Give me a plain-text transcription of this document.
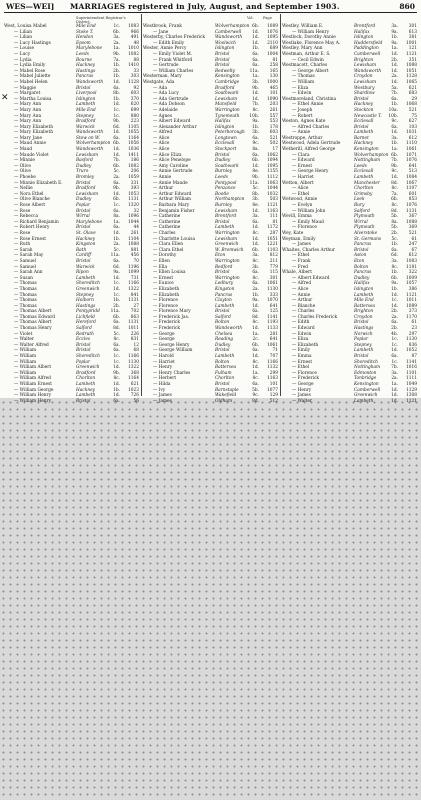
WES—WEI] MARRIAGES registered in July, August, and September 1903.	860
✕
Superintendent Registrar's District.
West, Louisa Mabel	Mile End	1c.	1083
— Lilian	Stoke T.	6b.	966
— Lilian	Hendon	3a.	491
— Lucy Hastings	Epsom	2a.	48
— Louise	Marylebone	1a.	1010
— Lucy	Leeds	9b.	1082
— Lydia	Bourne	7a.	88
— Lydia Emily	Hackney	1b.	1410
— Mabel Rose	Hastings	2b.	33
— Mabel Juliette	Pancras	1b.	303
— Mabel Helen	Wandsworth	1d.	1128
— Maggie	Bristol	6a.	92
— Margaret	Liverpool	8b.	603
— Martha Louisa	Islington	1b.	370
— Mary Ann	Lambeth	1d.	620
— Mary Ann	Mile End	1c.	699
— Mary Ann	Stepney	1c.	880
— Mary Ann	Bradford	9b.	223
— Mary Elizabeth	Warwick	6d.	1105
— Mary Elizabeth	Wandsworth	1d.	1055
— Mary Jane	Stow on W.	6a.	1164
— Maud Annie	Wolverhampton 6b.	1056
— Maud	Wandsworth	1d.	1036
— Maude Violet	Lewisham	1d.	1411
— Minnie	Basford	7b.	186
— Olive	Dudley	6b.	1082
— Olive	Truro	5c.	206
— Phoebe	Bromley	2a.	1059
— Minnie Elizabeth E.	Bristol	6a.	331
— Nellie	Bradford	9b.	393
— Nora Ethel	Lewisham	1d.	1053
— Olive Blanche	Dudley	6b.	1131
— Rose Albert	Poplar	1c.	1320
— Rose	Bristol	6a.	32
— Rebecca	Wirral	8a.	1096
— Richard Benjamin	Marylebone	1a.	1044
— Robert Henry	Bristol	6a.	44
— Rose	St. Olave	1d.	261
— Rose Ernest	Hackney	1b.	1104
— Ruth	Kingston	2a.	1088
— Sarah	Bath	5c.	881
— Sarah May	Cardiff	11a.	456
— Samuel	Bristol	6a.	70
— Samuel	Warwick	6d.	1196
— Sarah Ann	Ripon	9a.	1099
— Susan	Lambeth	1d.	731
— Thomas	Shoreditch	1c.	1166
— Thomas	Greenwich	1d.	1322
— Thomas	Stepney	1c.	841
— Thomas	Holborn	1b.	1131
— Thomas	Hastings	2b.	27
— Thomas Albert	Pontypridd	11a.	702
— Thomas Edward	Lichfield	6b.	863
— Thomas Albert	Hereford	6a.	1131
— Thomas Henry	Salford	8d.	1011
— Violet	Redruth	5c.	226
— Walter	Eccles	8c.	831
— Walter Alfred	Bristol	6a.	12
— William	Bristol	6a.	68
— William	Shoreditch	1c.	1166
— William	Poplar	1c.	1130
— William Albert	Greenwich	1d.	1322
— William	Bradford	9b.	368
— William Alfred	Chorlton	8c.	1164
— William Ernest	Lambeth	1d.	621
— William George	Hackney	1b.	1023
— William Henry	Lambeth	1d.	726
— William Henry	Bristol	6a.	56
Vol.	Page
Westbrook, Frank	Wolverhampton 6b.	1089
— Jane	Camberwell	1d.	1076
Westerby, Charles Frederick	Wandsworth	1d.	1095
— Edith Emily	Woolwich	1d.	2110
Wester, Annie Percy	Islington	1b.	689
— Emily Violet M.	Bristol	6a.	1004
— Frank Whitford	Bristol	6a.	81
— Gertrude	Bristol	6a.	258
— William Charles	Bedwelty	11a.	165
Westerman, Mary	Kensington	1a.	130
Westgate, Ada	Cambridge	3b.	1000
— Ada	Bradford	9b.	465
— Ada Lucy	Southwark	1d.	101
— Ada Gertrude	Lewisham	1d.	1090
— Ada Dobson	Mansfield	7b.	203
— Adelaide	Warrington	8c.	261
— Agnes	Tynemouth	10b.	557
— Albert Edward	Halifax	9a.	553
— Alexander Arthur	Islington	1b.	178
— Alfred	Peterborough	3b.	603
— Alice	Longtown	6a.	521
— Alice	Ecclesall	9c.	502
— Alice	Stockport	8a.	17
— Alice Eliza	Bristol	6a.	1062
— Alice Penelope	Dudley	6b.	1094
— Amy Caroline	Southwark	1d.	1095
— Annie Gertrude	Burnley	8e.	1155
— Annie	Leeds	9b.	1112
— Annie Maude	Pontypool	11a.	1063
— Arthur	Penzance	5c.	1044
— Arthur Edward	Bootle	8b.	1032
— Arthur William	Northampton	3b.	503
— Barbara Mary	Burnley	8e.	1121
— Benjamin Fisher	Lewisham	1d.	1163
— Catherine	Brentford	3a.	111
— Catherine	Bristol	6a.	81
— Catherine	Lambeth	1d.	1172
— Charles	Warrington	8c.	287
— Charlotte Louisa	Lewisham	1d.	1051
— Clara Ellen	Greenwich	1d.	1221
— Clara Ethel	W. Bromwich	6b.	1103
— Dorothy	Eton	3a.	812
— Ellen	Warrington	8c.	211
— Ella	Bedford	3b.	779
— Ellen Louisa	Bristol	6a.	115
— Ernest	Warrington	8c.	301
— Eunice	Ledbury	6a.	1061
— Elizabeth	Kingston	2a.	1130
— Elizabeth	Pancras	1b.	333
— Florence	Clayton	9a.	1070
— Florence	Lambeth	1d.	641
— Florence Mary	Bristol	6a.	125
— Frederick Jas.	Salford	8d.	1141
— Frederick	Bolton	8c.	1193
— Frederick	Wandsworth	1d.	1133
— George	Chelsea	1a.	281
— George	Reading	2c.	641
— George Henry	Dudley	6b.	1061
— George William	Bristol	6a.	71
— Harold	Lambeth	1d.	707
— Harriet	Bolton	8c.	1166
— Henry	Battersea	1d.	1132
— Henry Charles	Fulham	1a.	299
— Herbert	Chorlton	8c.	1163
— Hilda	Bristol	6a.	101
— Ivy	Barnstaple	5b.	1077
— James	Wakefield	9c.	129
— James	Oldham	8d.	512
Westley, William E.	Brentford	3a.	301
— William Henry	Halifax	9a.	613
Westlock, Dorothy Annie	Islington	1b.	381
Westlake, Florence May A.	Huddersfield	9a.	1001
Westley, Mary Ann	Paddington	1a.	121
Westman, Arthur E. S.	Camberwell	1d.	1121
— Cecil Edwin	Brighton	2b.	351
Westmacott, Charles	Lewisham	1d.	1088
— George Albert	Wandsworth	1d.	1051
— Thomas	Croydon	2a.	1128
— William	Lewisham	1d.	1065
— Eliza	Westbury	5a.	621
— Edwin	Shardlow	7b.	683
Westmoreland, Christina	Bristol	6a.	29
— Ethel Annie	Hackney	1b.	1068
— Joseph	Stockton	10a.	521
— Robert	Newcastle T.	10b.	75
Weston, Agnes Kate	Ecclesall	9c.	627
— Alfred Charles	Bristol	6a.	103
— Annie	Lambeth	1d.	1031
Westroppe, Arthur	Barnet	3a.	612
Westwood, Adela Gertrude	Hackney	1b.	1110
Wetherill, Alfred George	Kensington	1a.	1061
— Clara	Wolverhampton 6b.	1071
— Edward	Nottingham	7b.	1076
— Ernest	Leeds	9b.	641
— George Henry	Ecclesall	9c.	513
— Harriet	Lambeth	1d.	1084
Wetton, Albert	Manchester	8d.	1067
— Alice	Chorlton	8c.	1107
— Ethel	Grimsby	7a.	601
Wetwood, Annie	Leek	6b.	853
— Evelyn	Bury	8c.	1076
— William John	Salford	8d.	1131
Wevill, Emma	Plymouth	5b.	367
— Emily Maud	Wirral	8a.	1088
— Florence	Plymouth	5b.	369
Wey, Kate	Alverstoke	2b.	521
Weyman, Emily	St. Germans	5c.	61
— James	Pancras	1b.	247
Whaites, Charles Arthur	Bristol	6a.	67
— Ethel	Aston	6d.	612
— Frank	Eton	3a.	1083
— Fred	Bolton	8c.	1181
Whale, Albert	Pancras	1b.	322
— Albert Edward	Dudley	6b.	1009
— Alfred	Halifax	9a.	1057
— Alice	Islington	1b.	386
— Annie	Lambeth	1d.	1121
— Arthur	Mile End	1c.	1011
— Blanche	Battersea	1d.	1089
— Charles	Brighton	2b.	373
— Charles Frederick	Croydon	2a.	1170
— Edith	Bristol	6a.	61
— Edward	Hastings	2b.	23
— Edwin	Norwich	4b.	297
— Eliza	Poplar	1c.	1130
— Elizabeth	Stepney	1c.	836
— Emily	Lambeth	1d.	1052
— Emma	Bristol	6a.	87
— Ernest	Shoreditch	1c.	1141
— Ethel	Nottingham	7b.	1016
— Florence	Edmonton	3a.	1101
— Frederick	Tonbridge	2a.	1111
— George	Kensington	1a.	1049
— Henry	Camberwell	1d.	1129
— James	Greenwich	1d.	1308
— Walter	Lambeth	1d.	1121
